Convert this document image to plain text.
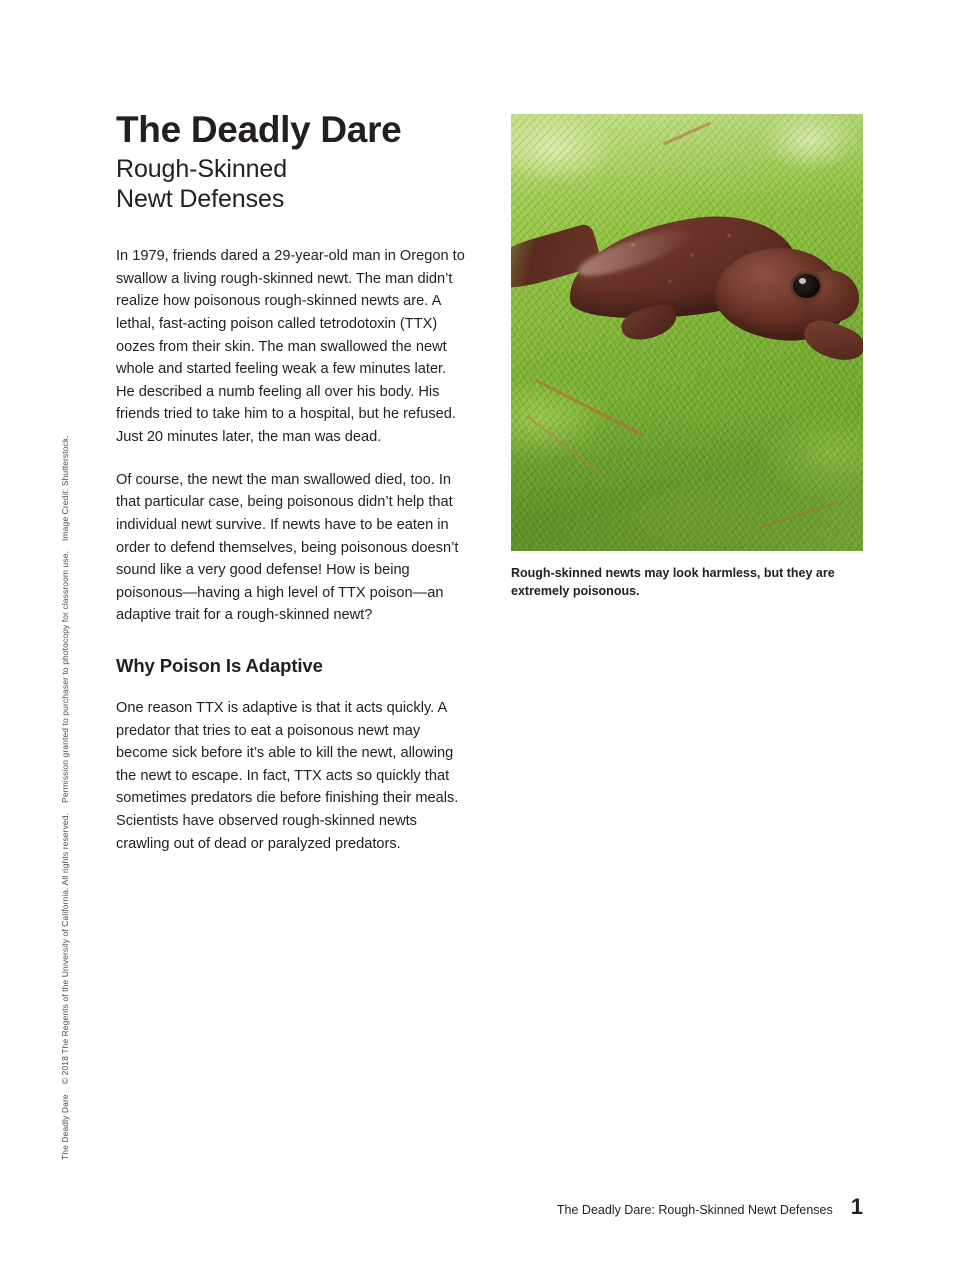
The Deadly Dare© 2018 The Regents of the University of California. All rights reserved.Permission granted to purchaser to photocopy for classroom use.Image Credit: Shutterstock.
The Deadly Dare
Rough-Skinned
Newt Defenses

In 1979, friends dared a 29-year-old man in Oregon to swallow a living rough-skinned newt. The man didn’t realize how poisonous rough-skinned newts are. A lethal, fast-acting poison called tetrodotoxin (TTX) oozes from their skin. The man swallowed the newt whole and started feeling weak a few minutes later. He described a numb feeling all over his body. His friends tried to take him to a hospital, but he refused. Just 20 minutes later, the man was dead.

Of course, the newt the man swallowed died, too. In that particular case, being poisonous didn’t help that individual newt survive. If newts have to be eaten in order to defend themselves, being poisonous doesn’t sound like a very good defense! How is being poisonous—having a high level of TTX poison—an adaptive trait for a rough-skinned newt?

Why Poison Is Adaptive

One reason TTX is adaptive is that it acts quickly. A predator that tries to eat a poisonous newt may become sick before it’s able to kill the newt, allowing the newt to escape. In fact, TTX acts so quickly that sometimes predators die before finishing their meals. Scientists have observed rough-skinned newts crawling out of dead or paralyzed predators.

Rough-skinned newts may look harmless, but they are extremely poisonous.
The Deadly Dare: Rough-Skinned Newt Defenses 1
